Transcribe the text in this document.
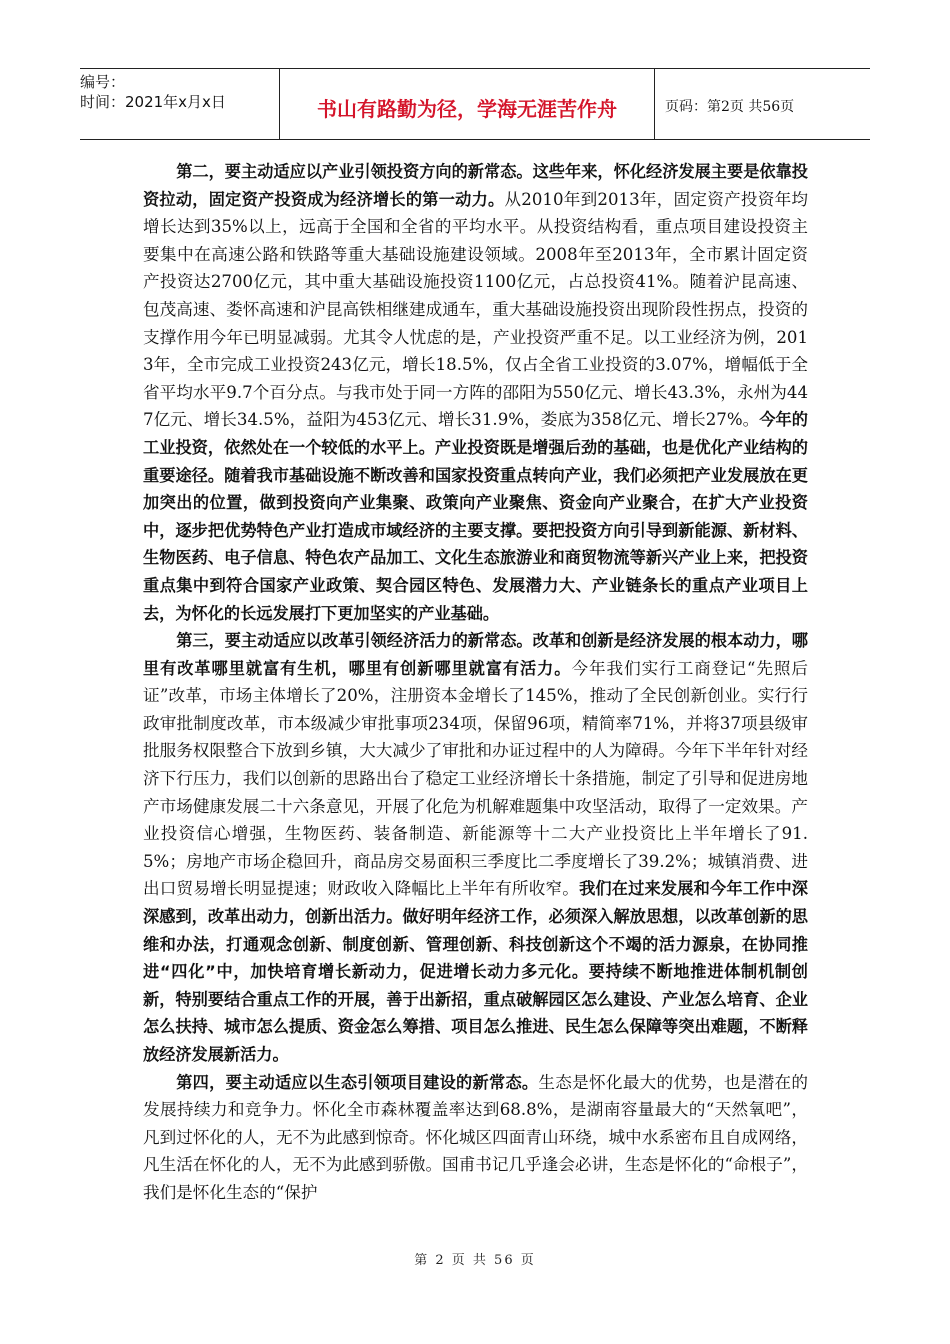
编号：
时间：2021年x月x日	书山有路勤为径，学海无涯苦作舟	页码：第2页 共56页

第二，要主动适应以产业引领投资方向的新常态。这些年来，怀化经济发展主要是依靠投资拉动，固定资产投资成为经济增长的第一动力。从2010年到2013年，固定资产投资年均增长达到35%以上，远高于全国和全省的平均水平。从投资结构看，重点项目建设投资主要集中在高速公路和铁路等重大基础设施建设领域。2008年至2013年，全市累计固定资产投资达2700亿元，其中重大基础设施投资1100亿元，占总投资41%。随着沪昆高速、包茂高速、娄怀高速和沪昆高铁相继建成通车，重大基础设施投资出现阶段性拐点，投资的支撑作用今年已明显减弱。尤其令人忧虑的是，产业投资严重不足。以工业经济为例，2013年，全市完成工业投资243亿元，增长18.5%，仅占全省工业投资的3.07%，增幅低于全省平均水平9.7个百分点。与我市处于同一方阵的邵阳为550亿元、增长43.3%，永州为447亿元、增长34.5%，益阳为453亿元、增长31.9%，娄底为358亿元、增长27%。今年的工业投资，依然处在一个较低的水平上。产业投资既是增强后劲的基础，也是优化产业结构的重要途径。随着我市基础设施不断改善和国家投资重点转向产业，我们必须把产业发展放在更加突出的位置，做到投资向产业集聚、政策向产业聚焦、资金向产业聚合，在扩大产业投资中，逐步把优势特色产业打造成市域经济的主要支撑。要把投资方向引导到新能源、新材料、生物医药、电子信息、特色农产品加工、文化生态旅游业和商贸物流等新兴产业上来，把投资重点集中到符合国家产业政策、契合园区特色、发展潜力大、产业链条长的重点产业项目上去，为怀化的长远发展打下更加坚实的产业基础。

第三，要主动适应以改革引领经济活力的新常态。改革和创新是经济发展的根本动力，哪里有改革哪里就富有生机，哪里有创新哪里就富有活力。今年我们实行工商登记“先照后证”改革，市场主体增长了20%，注册资本金增长了145%，推动了全民创新创业。实行行政审批制度改革，市本级减少审批事项234项，保留96项，精简率71%，并将37项县级审批服务权限整合下放到乡镇，大大减少了审批和办证过程中的人为障碍。今年下半年针对经济下行压力，我们以创新的思路出台了稳定工业经济增长十条措施，制定了引导和促进房地产市场健康发展二十六条意见，开展了化危为机解难题集中攻坚活动，取得了一定效果。产业投资信心增强，生物医药、装备制造、新能源等十二大产业投资比上半年增长了91.5%；房地产市场企稳回升，商品房交易面积三季度比二季度增长了39.2%；城镇消费、进出口贸易增长明显提速；财政收入降幅比上半年有所收窄。我们在过来发展和今年工作中深深感到，改革出动力，创新出活力。做好明年经济工作，必须深入解放思想，以改革创新的思维和办法，打通观念创新、制度创新、管理创新、科技创新这个不竭的活力源泉，在协同推进“四化”中，加快培育增长新动力，促进增长动力多元化。要持续不断地推进体制机制创新，特别要结合重点工作的开展，善于出新招，重点破解园区怎么建设、产业怎么培育、企业怎么扶持、城市怎么提质、资金怎么筹措、项目怎么推进、民生怎么保障等突出难题，不断释放经济发展新活力。

第四，要主动适应以生态引领项目建设的新常态。生态是怀化最大的优势，也是潜在的发展持续力和竞争力。怀化全市森林覆盖率达到68.8%，是湖南容量最大的“天然氧吧”，凡到过怀化的人，无不为此感到惊奇。怀化城区四面青山环绕，城中水系密布且自成网络，凡生活在怀化的人，无不为此感到骄傲。国甫书记几乎逢会必讲，生态是怀化的“命根子”，我们是怀化生态的“保护

第 2 页 共 56 页
